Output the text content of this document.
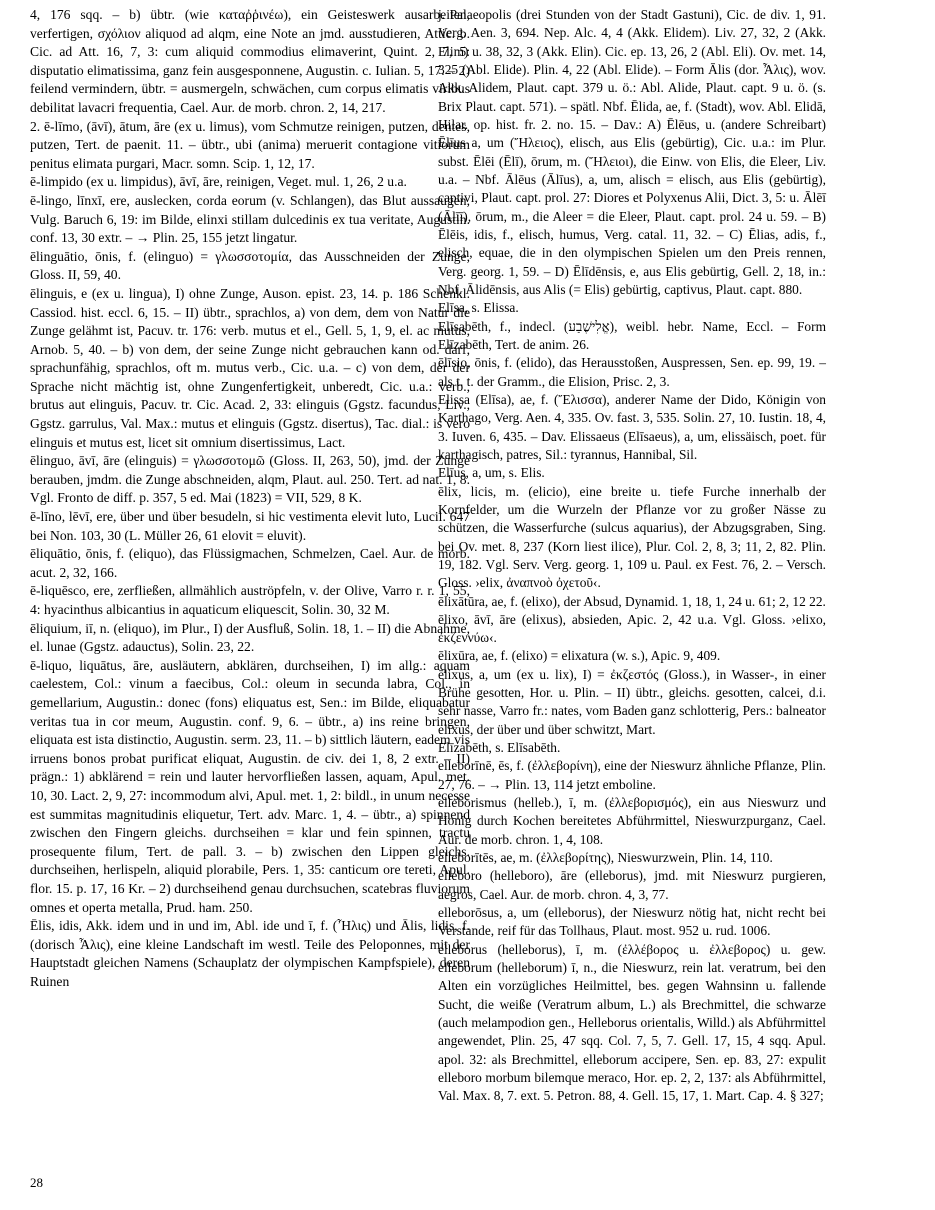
4, 176 sqq. – b) übtr. (wie καταῤῥινέω), ein Geisteswerk ausarbeiten, verfertigen, σχόλιον aliquod ad alqm, eine Note an jmd. ausstudieren, Attic. b. Cic. ad Att. 16, 7, 3: cum aliquid commodius elimaverint, Quint. 2, 7, 5: disputatio elimatissima, ganz fein ausgesponnene, Augustin. c. Iulian. 5, 17. – 2) feilend vermindern, übtr. = ausmergeln, schwächen, cum corpus elimatis viribus debilitat lavacri frequentia, Cael. Aur. de morb. chron. 2, 14, 217.

2. ē-līmo, (āvī), ātum, āre (ex u. limus), vom Schmutze reinigen, putzen, dentes, putzen, Tert. de paenit. 11. – übtr., ubi (anima) meruerit contagione vitiorum penitus elimata purgari, Macr. somn. Scip. 1, 12, 17.

ē-limpido (ex u. limpidus), āvī, āre, reinigen, Veget. mul. 1, 26, 2 u.a.

ē-lingo, līnxī, ere, auslecken, corda eorum (v. Schlangen), das Blut aussaugen, Vulg. Baruch 6, 19: im Bilde, elinxi stillam dulcedinis ex tua veritate, Augustin. conf. 13, 30 extr. – → Plin. 25, 155 jetzt lingatur.

ēlinguātio, ōnis, f. (elinguo) = γλωσσοτομία, das Ausschneiden der Zunge, Gloss. II, 59, 40.

ēlinguis, e (ex u. lingua), I) ohne Zunge, Auson. epist. 23, 14. p. 186 Schenkl. Cassiod. hist. eccl. 6, 15. – II) übtr., sprachlos, a) von dem, dem von Natur die Zunge gelähmt ist, Pacuv. tr. 176: verb. mutus et el., Gell. 5, 1, 9, el. ac mutus, Arnob. 5, 40. – b) von dem, der seine Zunge nicht gebrauchen kann od. darf, sprachunfähig, sprachlos, oft m. mutus verb., Cic. u.a. – c) von dem, der der Sprache nicht mächtig ist, ohne Zungenfertigkeit, unberedt, Cic. u.a.: verb., brutus aut elinguis, Pacuv. tr. Cic. Acad. 2, 33: elinguis (Ggstz. facundus, Liv., Ggstz. garrulus, Val. Max.: mutus et elinguis (Ggstz. disertus), Tac. dial.: is vero elinguis et mutus est, licet sit omnium disertissimus, Lact.

ēlinguo, āvī, āre (elinguis) = γλωσσοτομῶ (Gloss. II, 263, 50), jmd. der Zunge berauben, jmdm. die Zunge abschneiden, alqm, Plaut. aul. 250. Tert. ad nat. 1, 8. Vgl. Fronto de diff. p. 357, 5 ed. Mai (1823) = VII, 529, 8 K.

ē-līno, lēvī, ere, über und über besudeln, si hic vestimenta elevit luto, Lucil. 647 bei Non. 103, 30 (L. Müller 26, 61 elovit = eluvit).

ēliquātio, ōnis, f. (eliquo), das Flüssigmachen, Schmelzen, Cael. Aur. de morb. acut. 2, 32, 166.

ē-liquēsco, ere, zerfließen, allmählich auströpfeln, v. der Olive, Varro r. r. 1, 55, 4: hyacinthus albicantius in aquaticum eliquescit, Solin. 30, 32 M.

ēliquium, iī, n. (eliquo), im Plur., I) der Ausfluß, Solin. 18, 1. – II) die Abnahme, el. lunae (Ggstz. adauctus), Solin. 23, 22.

ē-liquo, liquātus, āre, ausläutern, abklären, durchseihen, I) im allg.: aquam caelestem, Col.: vinum a faecibus, Col.: oleum in secunda labra, Col., in gemellarium, Augustin.: donec (fons) eliquatus est, Sen.: im Bilde, eliquabatur veritas tua in cor meum, Augustin. conf. 9, 6. – übtr., a) ins reine bringen, eliquata est ista distinctio, Augustin. serm. 23, 11. – b) sittlich läutern, eadem vis irruens bonos probat purificat eliquat, Augustin. de civ. dei 1, 8, 2 extr. – II) prägn.: 1) abklärend = rein und lauter hervorfließen lassen, aquam, Apul. met. 10, 30. Lact. 2, 9, 27: incommodum alvi, Apul. met. 1, 2: bildl., in unum necesse est summitas magnitudinis eliquetur, Tert. adv. Marc. 1, 4. – übtr., a) spinnend zwischen den Fingern gleichs. durchseihen = klar und fein spinnen, tractu prosequente filum, Tert. de pall. 3. – b) zwischen den Lippen gleichs. durchseihen, herlispeln, aliquid plorabile, Pers. 1, 35: canticum ore tereti, Apul. flor. 15. p. 17, 16 Kr. – 2) durchseihend genau durchsuchen, scatebras fluviorum omnes et operta metalla, Prud. ham. 250.

Ēlis, idis, Akk. idem und in und im, Abl. ide und ī, f. (Ἦλις) und Ālis, lidis, f. (dorisch Ἆλις), eine kleine Landschaft im westl. Teile des Peloponnes, mit der Hauptstadt gleichen Namens (Schauplatz der olympischen Kampfspiele), deren Ruinen

j. Palaeopolis (drei Stunden von der Stadt Gastuni), Cic. de div. 1, 91. Verg. Aen. 3, 694. Nep. Alc. 4, 4 (Akk. Elidem). Liv. 27, 32, 2 (Akk. Elim) u. 38, 32, 3 (Akk. Elin). Cic. ep. 13, 26, 2 (Abl. Eli). Ov. met. 14, 325 (Abl. Elide). Plin. 4, 22 (Abl. Elide). – Form Ālis (dor. Ἆλις), wov. Akk. Alidem, Plaut. capt. 379 u. ö.: Abl. Alide, Plaut. capt. 9 u. ö. (s. Brix Plaut. capt. 571). – spätl. Nbf. Ēlida, ae, f. (Stadt), wov. Abl. Elidā, Hilar. op. hist. fr. 2. no. 15. – Dav.: A) Ēlēus, u. (andere Schreibart) Ēlīus a, um (Ἤλειος), elisch, aus Elis (gebürtig), Cic. u.a.: im Plur. subst. Ēlēi (Ēlī), ōrum, m. (Ἤλειοι), die Einw. von Elis, die Eleer, Liv. u.a. – Nbf. Ālēus (Ālīus), a, um, alisch = elisch, aus Elis (gebürtig), captivi, Plaut. capt. prol. 27: Diores et Polyxenus Alii, Dict. 3, 5: u. Ālēī (Ālīī), ōrum, m., die Aleer = die Eleer, Plaut. capt. prol. 24 u. 59. – B) Ēlēis, idis, f., elisch, humus, Verg. catal. 11, 32. – C) Ēlias, adis, f., elisch, equae, die in den olympischen Spielen um den Preis rennen, Verg. georg. 1, 59. – D) Ēlīdēnsis, e, aus Elis gebürtig, Gell. 2, 18, in.: Nbf. Ālidēnsis, aus Alis (= Elis) gebürtig, captivus, Plaut. capt. 880.

Elīsa, s. Elissa.

Elīsabēth, f., indecl. (אֱלִישֶׁבַע), weibl. hebr. Name, Eccl. – Form Elīzabēth, Tert. de anim. 26.

ēlīsio, ōnis, f. (elido), das Herausstoßen, Auspressen, Sen. ep. 99, 19. – als t. t. der Gramm., die Elision, Prisc. 2, 3.

Elissa (Elīsa), ae, f. (Ἔλισσα), anderer Name der Dido, Königin von Karthago, Verg. Aen. 4, 335. Ov. fast. 3, 535. Solin. 27, 10. Iustin. 18, 4, 3. Iuven. 6, 435. – Dav. Elissaeus (Elīsaeus), a, um, elissäisch, poet. für karthagisch, patres, Sil.: tyrannus, Hannibal, Sil.

Elīus, a, um, s. Elis.

ēlix, licis, m. (elicio), eine breite u. tiefe Furche innerhalb der Kornfelder, um die Wurzeln der Pflanze vor zu großer Nässe zu schützen, die Wasserfurche (sulcus aquarius), der Abzugsgraben, Sing. bei Ov. met. 8, 237 (Korn liest ilice), Plur. Col. 2, 8, 3; 11, 2, 82. Plin. 19, 182. Vgl. Serv. Verg. georg. 1, 109 u. Paul. ex Fest. 76, 2. – Versch. Gloss. ›elix, ἀναπνοὸ ὀχετοῦ‹.

ēlixātūra, ae, f. (elixo), der Absud, Dynamid. 1, 18, 1, 24 u. 61; 2, 12 22.

ēlixo, āvī, āre (elixus), absieden, Apic. 2, 42 u.a. Vgl. Gloss. ›elixo, ἐκζεννύω‹.

ēlixūra, ae, f. (elixo) = elixatura (w. s.), Apic. 9, 409.

ēlixus, a, um (ex u. lix), I) = ἐκζεστός (Gloss.), in Wasser-, in einer Brühe gesotten, Hor. u. Plin. – II) übtr., gleichs. gesotten, calcei, d.i. sehr nasse, Varro fr.: nates, vom Baden ganz schlotterig, Pers.: balneator elixus, der über und über schwitzt, Mart.

Elīzabēth, s. Elīsabēth.

elleborīnē, ēs, f. (ἐλλεβορίνη), eine der Nieswurz ähnliche Pflanze, Plin. 27, 76. – → Plin. 13, 114 jetzt emboline.

elleborismus (helleb.), ī, m. (ἐλλεβορισμός), ein aus Nieswurz und Honig durch Kochen bereitetes Abführmittel, Nieswurzpurganz, Cael. Aur. de morb. chron. 1, 4, 108.

elleborītēs, ae, m. (ἐλλεβορίτης), Nieswurzwein, Plin. 14, 110.

elleboro (helleboro), āre (elleborus), jmd. mit Nieswurz purgieren, aegros, Cael. Aur. de morb. chron. 4, 3, 77.

elleborōsus, a, um (elleborus), der Nieswurz nötig hat, nicht recht bei Verstande, reif für das Tollhaus, Plaut. most. 952 u. rud. 1006.

elleborus (helleborus), ī, m. (ἐλλέβορος u. ἐλλεβορος) u. gew. elleborum (helleborum) ī, n., die Nieswurz, rein lat. veratrum, bei den Alten ein vorzügliches Heilmittel, bes. gegen Wahnsinn u. fallende Sucht, die weiße (Veratrum album, L.) als Brechmittel, die schwarze (auch melampodion gen., Helleborus orientalis, Willd.) als Abführmittel angewendet, Plin. 25, 47 sqq. Col. 7, 5, 7. Gell. 17, 15, 4 sqq. Apul. apol. 32: als Brechmittel, elleborum accipere, Sen. ep. 83, 27: expulit elleboro morbum bilemque meraco, Hor. ep. 2, 2, 137: als Abführmittel, Val. Max. 8, 7. ext. 5. Petron. 88, 4. Gell. 15, 17, 1. Mart. Cap. 4. § 327;

28
